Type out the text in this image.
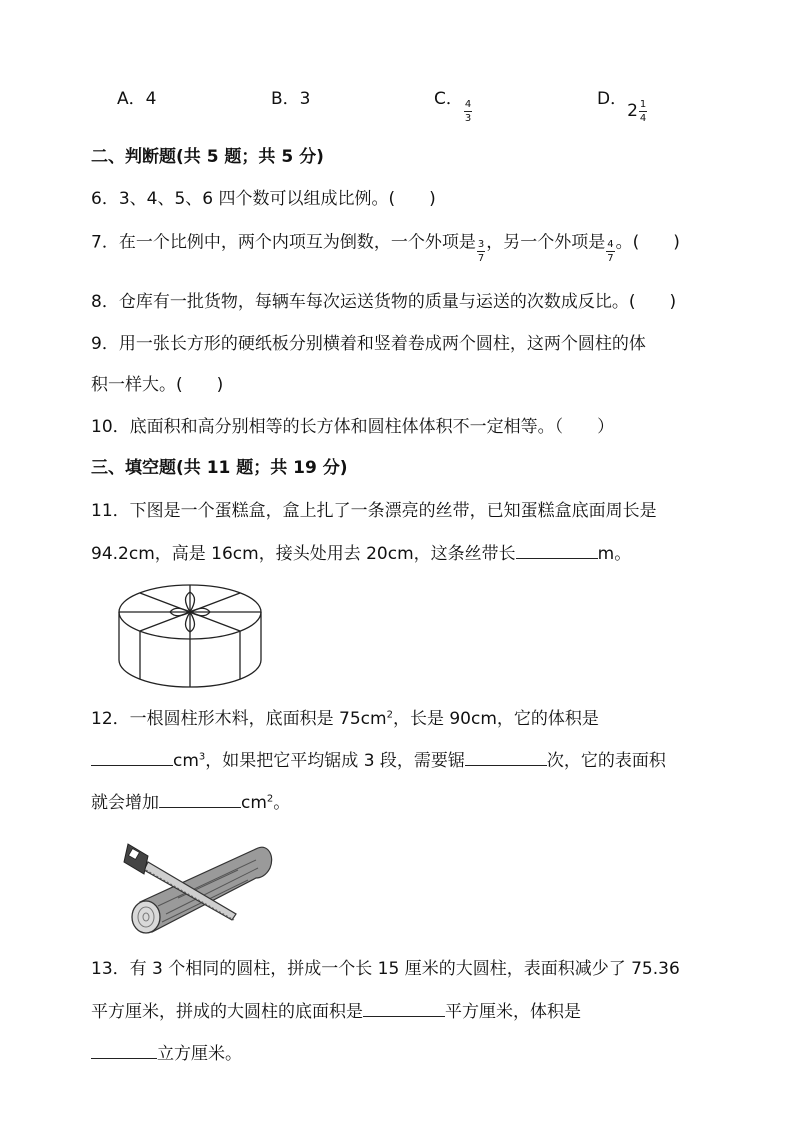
A．4	B．3	C． $\frac{4}{3}$	D．$2 \frac{1}{4}$
二、判断题(共 5 题；共 5 分)
6．3、4、5、6 四个数可以组成比例。(　　)
7．在一个比例中，两个内项互为倒数，一个外项是 $\frac{3}{7}$ ，另一个外项是 $\frac{4}{7}$ 。(　　)
8．仓库有一批货物，每辆车每次运送货物的质量与运送的次数成反比。(　　)
9．用一张长方形的硬纸板分别横着和竖着卷成两个圆柱，这两个圆柱的体
积一样大。(　　)
10．底面积和高分别相等的长方体和圆柱体体积不一定相等。（　　）
三、填空题(共 11 题；共 19 分)
11．下图是一个蛋糕盒，盒上扎了一条漂亮的丝带，已知蛋糕盒底面周长是
94.2cm，高是 16cm，接头处用去 20cm，这条丝带长	m。
12．一根圆柱形木料，底面积是 $75cm^2$，长是 90cm，它的体积是
$cm^3$，如果把它平均锯成 3 段，需要锯	次，它的表面积
就会增加	$cm^2$。
13．有 3 个相同的圆柱，拼成一个长 15 厘米的大圆柱，表面积减少了 75.36
平方厘米，拼成的大圆柱的底面积是	平方厘米，体积是
立方厘米。
